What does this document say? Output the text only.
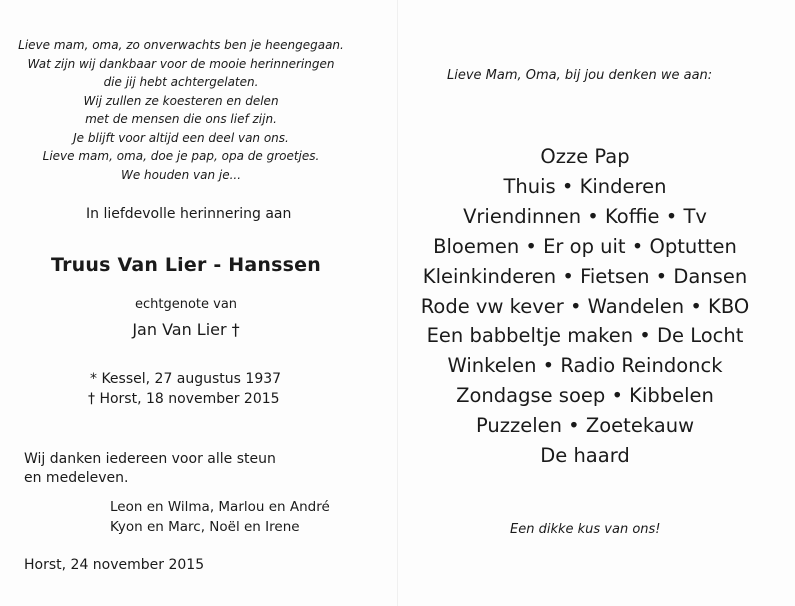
Lieve mam, oma, zo onverwachts ben je heengegaan.
Wat zijn wij dankbaar voor de mooie herinneringen
die jij hebt achtergelaten.
Wij zullen ze koesteren en delen
met de mensen die ons lief zijn.
Je blijft voor altijd een deel van ons.
Lieve mam, oma, doe je pap, opa de groetjes.
We houden van je...
In liefdevolle herinnering aan
Truus Van Lier - Hanssen
echtgenote van
Jan Van Lier †
* Kessel, 27 augustus 1937
† Horst, 18 november 2015
Wij danken iedereen voor alle steun
en medeleven.
Leon en Wilma, Marlou en André
Kyon en Marc, Noël en Irene
Horst, 24 november 2015
Lieve Mam, Oma, bij jou denken we aan:
Ozze Pap
Thuis • Kinderen
Vriendinnen • Koffie • Tv
Bloemen • Er op uit • Optutten
Kleinkinderen • Fietsen • Dansen
Rode vw kever • Wandelen • KBO
Een babbeltje maken • De Locht
Winkelen • Radio Reindonck
Zondagse soep • Kibbelen
Puzzelen • Zoetekauw
De haard
Een dikke kus van ons!
